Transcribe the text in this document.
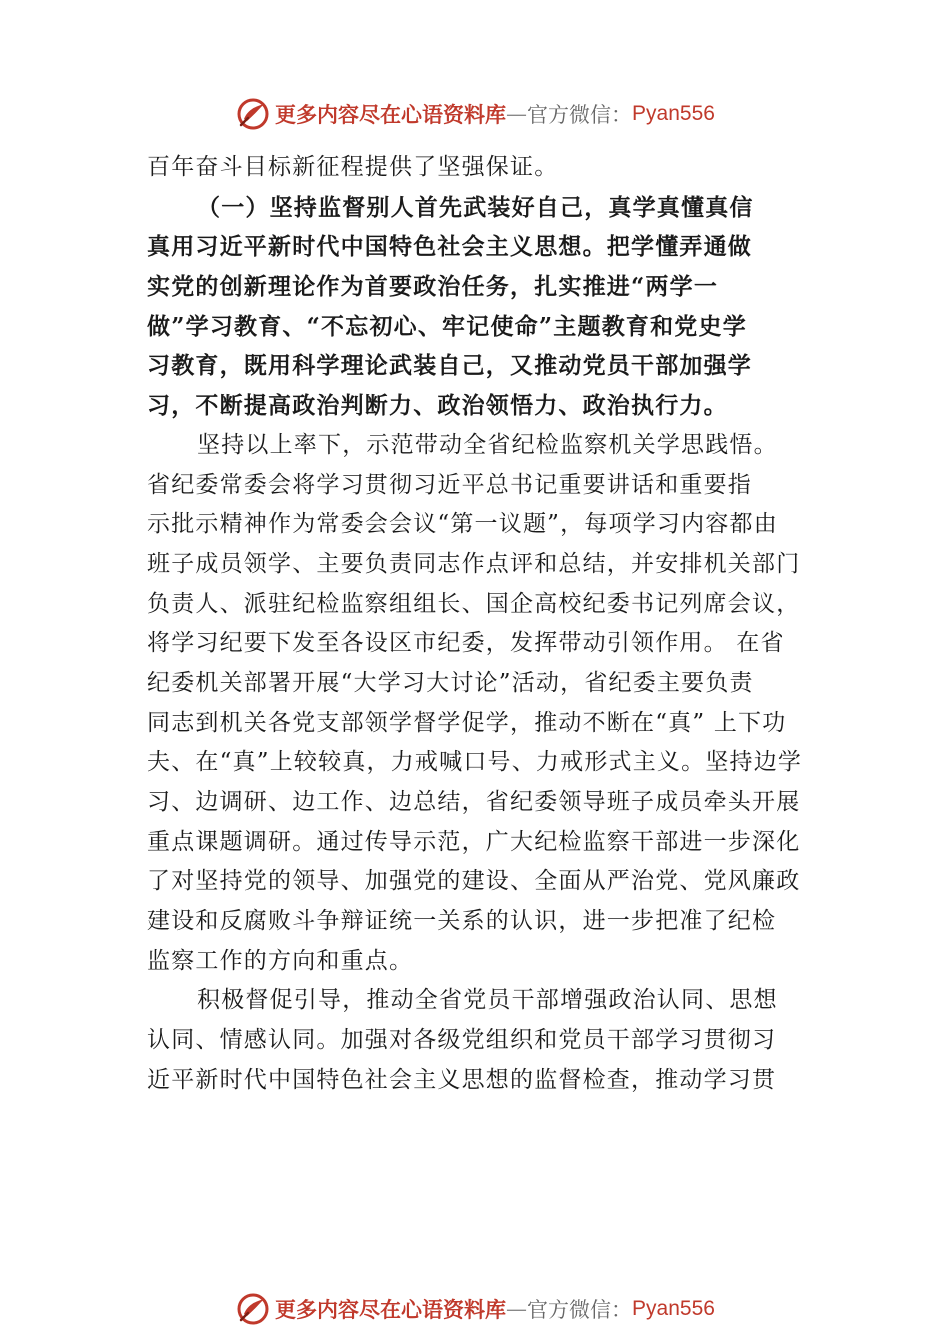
更多内容尽在心语资料库 — 官方微信： Pyan556
百年奋斗目标新征程提供了坚强保证。
（一）坚持监督别人首先武装好自己，真学真懂真信
真用习近平新时代中国特色社会主义思想。把学懂弄通做
实党的创新理论作为首要政治任务，扎实推进“两学一
做”学习教育、“不忘初心、牢记使命”主题教育和党史学
习教育，既用科学理论武装自己，又推动党员干部加强学
习，不断提高政治判断力、政治领悟力、政治执行力。
坚持以上率下，示范带动全省纪检监察机关学思践悟。
省纪委常委会将学习贯彻习近平总书记重要讲话和重要指
示批示精神作为常委会会议“第一议题”，每项学习内容都由
班子成员领学、主要负责同志作点评和总结，并安排机关部门
负责人、派驻纪检监察组组长、国企高校纪委书记列席会议，
将学习纪要下发至各设区市纪委，发挥带动引领作用。 在省
纪委机关部署开展“大学习大讨论”活动，省纪委主要负责
同志到机关各党支部领学督学促学，推动不断在“真” 上下功
夫、在“真”上较较真，力戒喊口号、力戒形式主义。坚持边学
习、边调研、边工作、边总结，省纪委领导班子成员牵头开展
重点课题调研。通过传导示范，广大纪检监察干部进一步深化
了对坚持党的领导、加强党的建设、全面从严治党、党风廉政
建设和反腐败斗争辩证统一关系的认识，进一步把准了纪检
监察工作的方向和重点。
积极督促引导，推动全省党员干部增强政治认同、思想
认同、情感认同。加强对各级党组织和党员干部学习贯彻习
近平新时代中国特色社会主义思想的监督检查，推动学习贯
更多内容尽在心语资料库 — 官方微信： Pyan556
